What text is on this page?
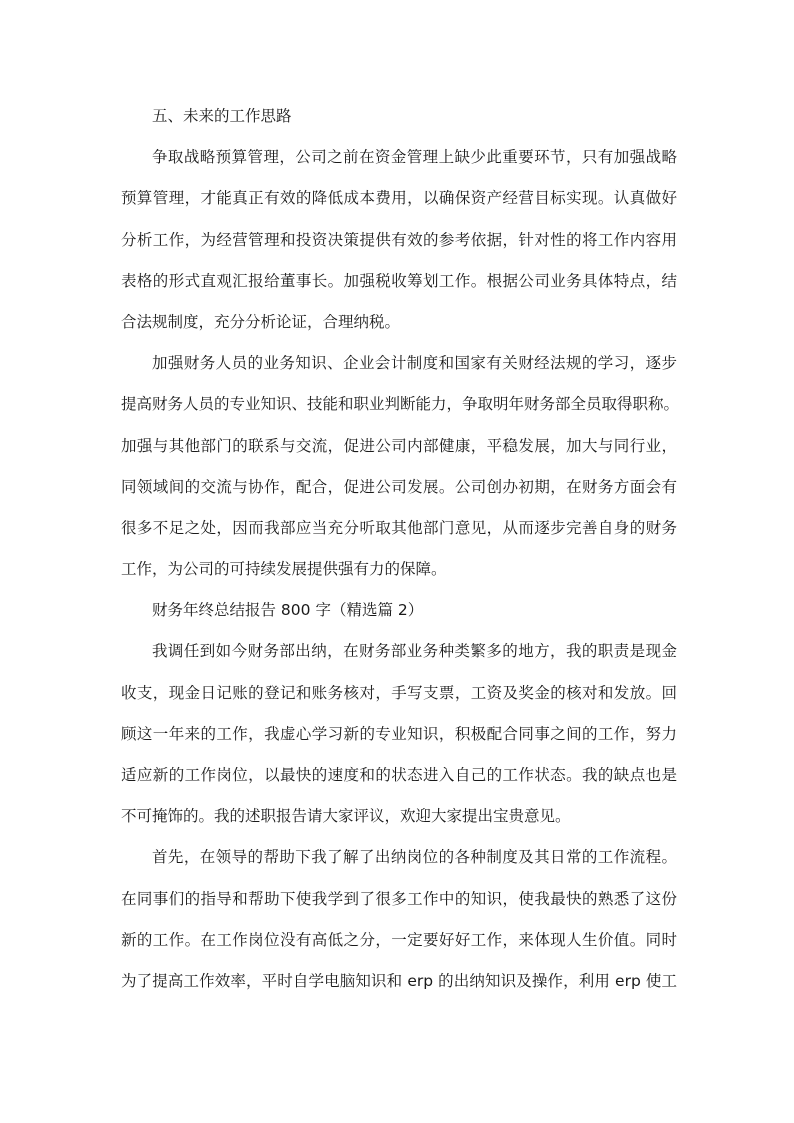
五、未来的工作思路
争取战略预算管理，公司之前在资金管理上缺少此重要环节，只有加强战略
预算管理，才能真正有效的降低成本费用，以确保资产经营目标实现。认真做好
分析工作，为经营管理和投资决策提供有效的参考依据，针对性的将工作内容用
表格的形式直观汇报给董事长。加强税收筹划工作。根据公司业务具体特点，结
合法规制度，充分分析论证，合理纳税。
加强财务人员的业务知识、企业会计制度和国家有关财经法规的学习，逐步
提高财务人员的专业知识、技能和职业判断能力，争取明年财务部全员取得职称。
加强与其他部门的联系与交流，促进公司内部健康，平稳发展，加大与同行业，
同领域间的交流与协作，配合，促进公司发展。公司创办初期，在财务方面会有
很多不足之处，因而我部应当充分听取其他部门意见，从而逐步完善自身的财务
工作，为公司的可持续发展提供强有力的保障。
财务年终总结报告 800 字（精选篇 2）
我调任到如今财务部出纳，在财务部业务种类繁多的地方，我的职责是现金
收支，现金日记账的登记和账务核对，手写支票，工资及奖金的核对和发放。回
顾这一年来的工作，我虚心学习新的专业知识，积极配合同事之间的工作，努力
适应新的工作岗位，以最快的速度和的状态进入自己的工作状态。我的缺点也是
不可掩饰的。我的述职报告请大家评议，欢迎大家提出宝贵意见。
首先，在领导的帮助下我了解了出纳岗位的各种制度及其日常的工作流程。
在同事们的指导和帮助下使我学到了很多工作中的知识，使我最快的熟悉了这份
新的工作。在工作岗位没有高低之分，一定要好好工作，来体现人生价值。同时
为了提高工作效率，平时自学电脑知识和 erp 的出纳知识及操作，利用 erp 使工
